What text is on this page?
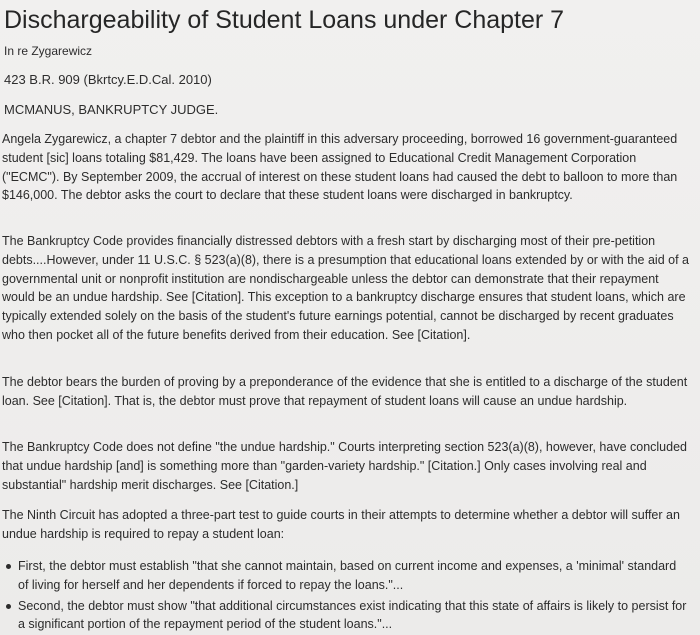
Dischargeability of Student Loans under Chapter 7

In re Zygarewicz

423 B.R. 909 (Bkrtcy.E.D.Cal. 2010)

MCMANUS, BANKRUPTCY JUDGE.

Angela Zygarewicz, a chapter 7 debtor and the plaintiff in this adversary proceeding, borrowed 16 government-guaranteed student [sic] loans totaling $81,429. The loans have been assigned to Educational Credit Management Corporation ("ECMC"). By September 2009, the accrual of interest on these student loans had caused the debt to balloon to more than $146,000. The debtor asks the court to declare that these student loans were discharged in bankruptcy.

The Bankruptcy Code provides financially distressed debtors with a fresh start by discharging most of their pre-petition debts....However, under 11 U.S.C. § 523(a)(8), there is a presumption that educational loans extended by or with the aid of a governmental unit or nonprofit institution are nondischargeable unless the debtor can demonstrate that their repayment would be an undue hardship. See [Citation]. This exception to a bankruptcy discharge ensures that student loans, which are typically extended solely on the basis of the student's future earnings potential, cannot be discharged by recent graduates who then pocket all of the future benefits derived from their education. See [Citation].

The debtor bears the burden of proving by a preponderance of the evidence that she is entitled to a discharge of the student loan. See [Citation]. That is, the debtor must prove that repayment of student loans will cause an undue hardship.

The Bankruptcy Code does not define "the undue hardship." Courts interpreting section 523(a)(8), however, have concluded that undue hardship [and] is something more than "garden-variety hardship." [Citation.] Only cases involving real and substantial" hardship merit discharges. See [Citation.]

The Ninth Circuit has adopted a three-part test to guide courts in their attempts to determine whether a debtor will suffer an undue hardship is required to repay a student loan:

First, the debtor must establish "that she cannot maintain, based on current income and expenses, a 'minimal' standard of living for herself and her dependents if forced to repay the loans."...
Second, the debtor must show "that additional circumstances exist indicating that this state of affairs is likely to persist for a significant portion of the repayment period of the student loans."...
